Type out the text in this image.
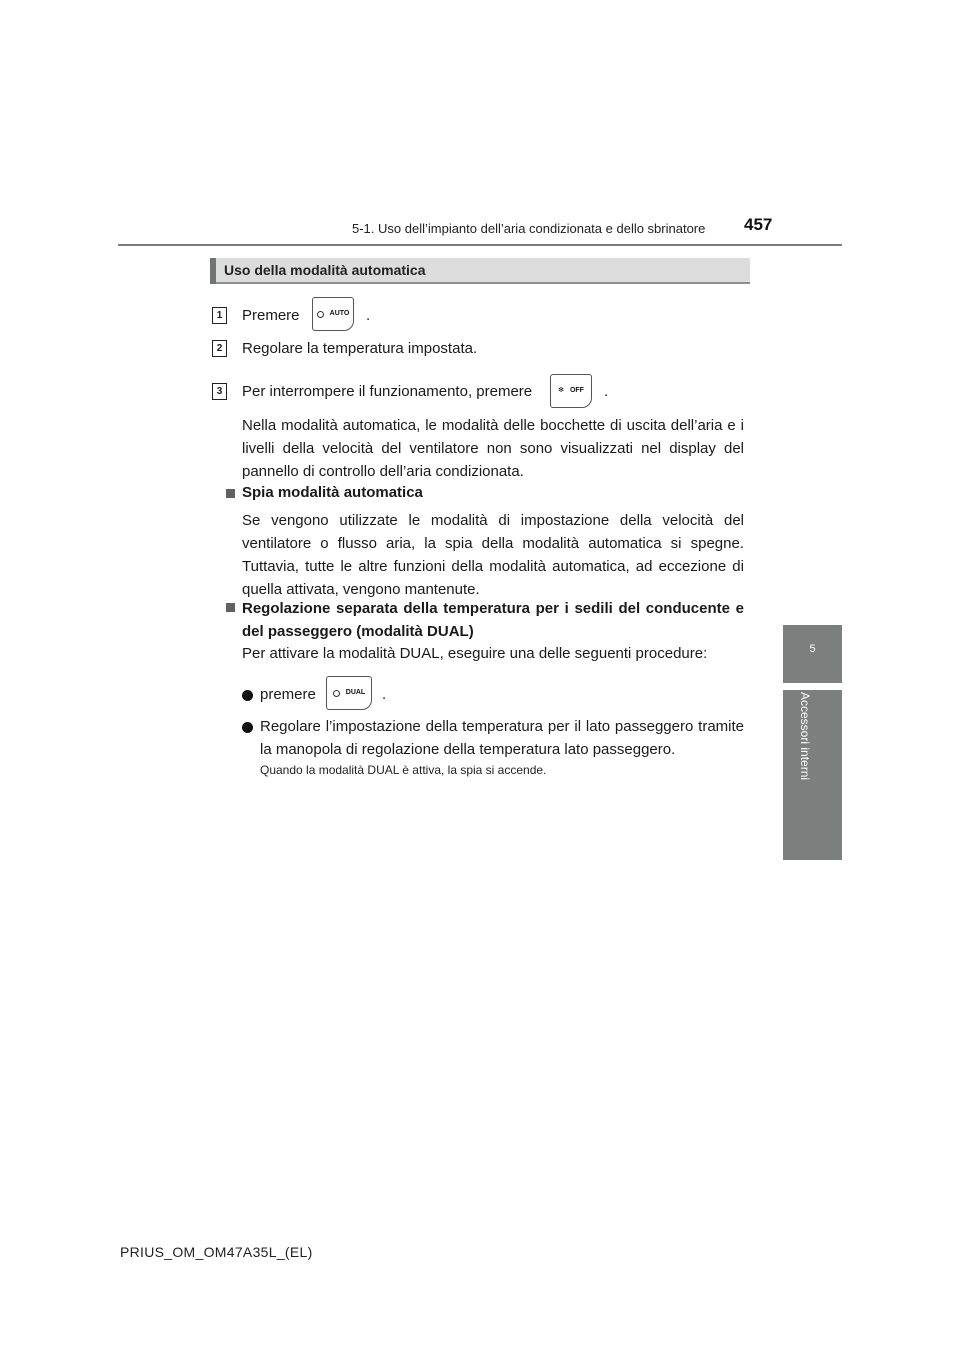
5-1. Uso dell’impianto dell’aria condizionata e dello sbrinatore 457
5
Accessori interni
Uso della modalità automatica
1	Premere	AUTO .
2	Regolare la temperatura impostata.
3	Per interrompere il funzionamento, premere	✻ OFF .
Nella modalità automatica, le modalità delle bocchette di uscita dell’aria e i livelli della velocità del ventilatore non sono visualizzati nel display del pannello di controllo dell’aria condizionata.
Spia modalità automatica
Se vengono utilizzate le modalità di impostazione della velocità del ventilatore o flusso aria, la spia della modalità automatica si spegne. Tuttavia, tutte le altre funzioni della modalità automatica, ad eccezione di quella attivata, vengono mantenute.
Regolazione separata della temperatura per i sedili del conducente e del passeggero (modalità DUAL)
Per attivare la modalità DUAL, eseguire una delle seguenti procedure:
premere	DUAL .
Regolare l’impostazione della temperatura per il lato passeggero tramite la manopola di regolazione della temperatura lato passeggero.
Quando la modalità DUAL è attiva, la spia si accende.
PRIUS_OM_OM47A35L_(EL)
